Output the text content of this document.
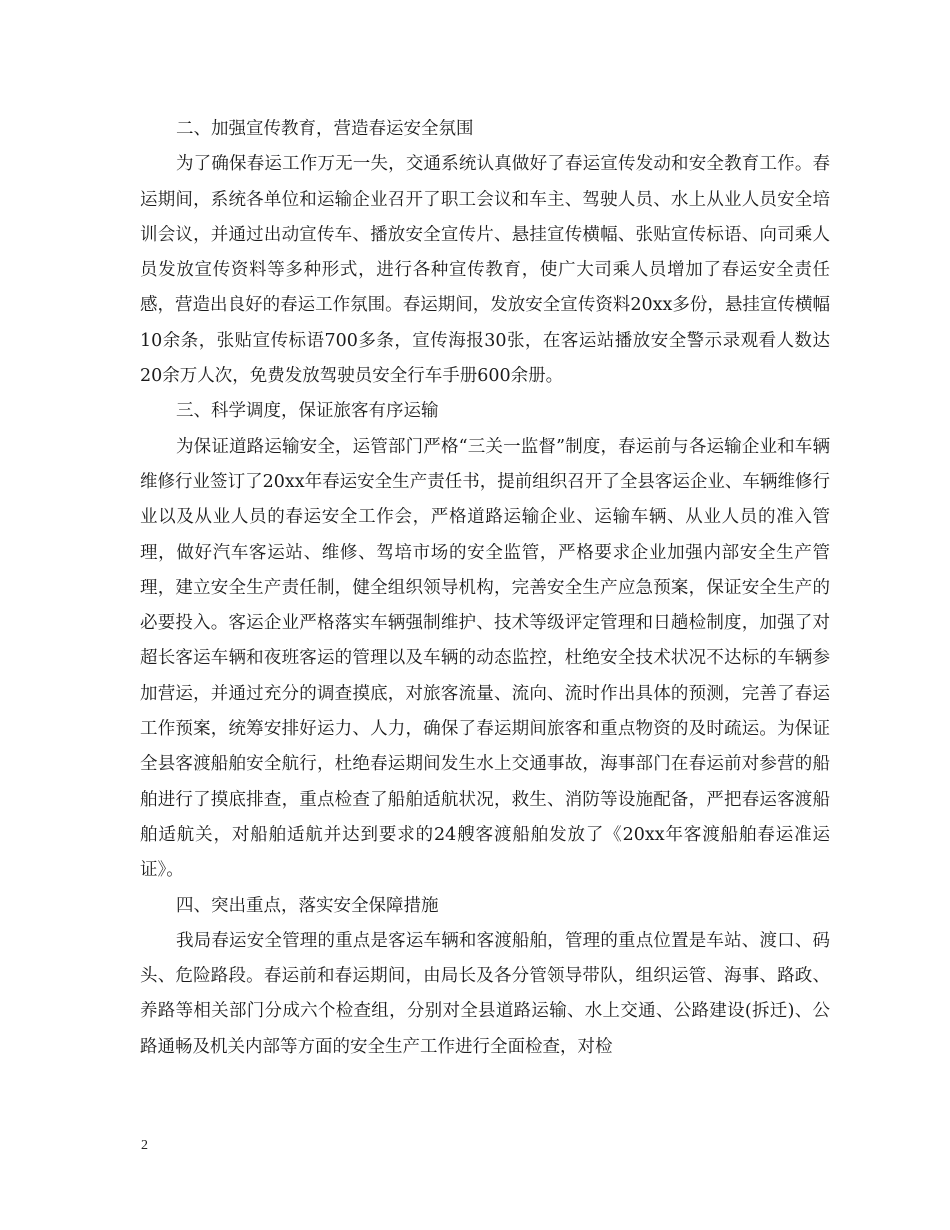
二、加强宣传教育，营造春运安全氛围

为了确保春运工作万无一失，交通系统认真做好了春运宣传发动和安全教育工作。春运期间，系统各单位和运输企业召开了职工会议和车主、驾驶人员、水上从业人员安全培训会议，并通过出动宣传车、播放安全宣传片、悬挂宣传横幅、张贴宣传标语、向司乘人员发放宣传资料等多种形式，进行各种宣传教育，使广大司乘人员增加了春运安全责任感，营造出良好的春运工作氛围。春运期间，发放安全宣传资料20xx多份，悬挂宣传横幅10余条，张贴宣传标语700多条，宣传海报30张，在客运站播放安全警示录观看人数达20余万人次，免费发放驾驶员安全行车手册600余册。

三、科学调度，保证旅客有序运输

为保证道路运输安全，运管部门严格“三关一监督”制度，春运前与各运输企业和车辆维修行业签订了20xx年春运安全生产责任书，提前组织召开了全县客运企业、车辆维修行业以及从业人员的春运安全工作会，严格道路运输企业、运输车辆、从业人员的准入管理，做好汽车客运站、维修、驾培市场的安全监管，严格要求企业加强内部安全生产管理，建立安全生产责任制，健全组织领导机构，完善安全生产应急预案，保证安全生产的必要投入。客运企业严格落实车辆强制维护、技术等级评定管理和日趟检制度，加强了对超长客运车辆和夜班客运的管理以及车辆的动态监控，杜绝安全技术状况不达标的车辆参加营运，并通过充分的调查摸底，对旅客流量、流向、流时作出具体的预测，完善了春运工作预案，统筹安排好运力、人力，确保了春运期间旅客和重点物资的及时疏运。为保证全县客渡船舶安全航行，杜绝春运期间发生水上交通事故，海事部门在春运前对参营的船舶进行了摸底排查，重点检查了船舶适航状况，救生、消防等设施配备，严把春运客渡船舶适航关，对船舶适航并达到要求的24艘客渡船舶发放了《20xx年客渡船舶春运准运证》。

四、突出重点，落实安全保障措施

我局春运安全管理的重点是客运车辆和客渡船舶，管理的重点位置是车站、渡口、码头、危险路段。春运前和春运期间，由局长及各分管领导带队，组织运管、海事、路政、养路等相关部门分成六个检查组，分别对全县道路运输、水上交通、公路建设(拆迁)、公路通畅及机关内部等方面的安全生产工作进行全面检查，对检

2
